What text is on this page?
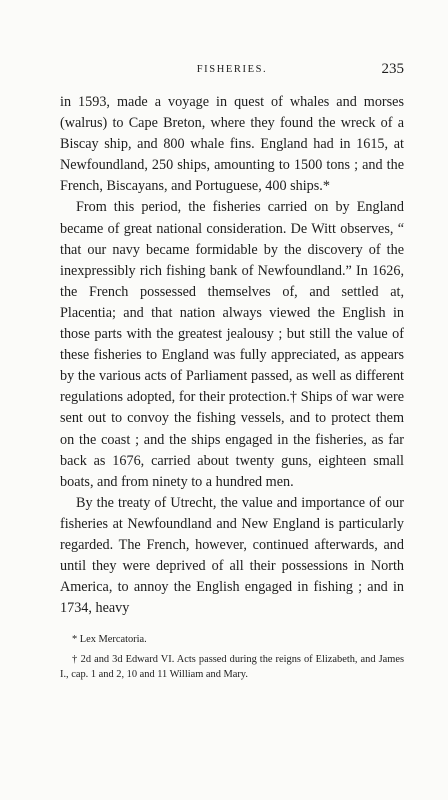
FISHERIES.	235

in 1593, made a voyage in quest of whales and morses (walrus) to Cape Breton, where they found the wreck of a Biscay ship, and 800 whale fins. England had in 1615, at Newfoundland, 250 ships, amounting to 1500 tons ; and the French, Biscayans, and Portuguese, 400 ships.*

From this period, the fisheries carried on by England became of great national consideration. De Witt observes, “ that our navy became formidable by the discovery of the inexpressibly rich fishing bank of Newfoundland.” In 1626, the French possessed themselves of, and settled at, Placentia; and that nation always viewed the English in those parts with the greatest jealousy ; but still the value of these fisheries to England was fully appreciated, as appears by the various acts of Parliament passed, as well as different regulations adopted, for their protection.† Ships of war were sent out to convoy the fishing vessels, and to protect them on the coast ; and the ships engaged in the fisheries, as far back as 1676, carried about twenty guns, eighteen small boats, and from ninety to a hundred men.

By the treaty of Utrecht, the value and importance of our fisheries at Newfoundland and New England is particularly regarded. The French, however, continued afterwards, and until they were deprived of all their possessions in North America, to annoy the English engaged in fishing ; and in 1734, heavy

* Lex Mercatoria.

† 2d and 3d Edward VI. Acts passed during the reigns of Elizabeth, and James I., cap. 1 and 2, 10 and 11 William and Mary.
